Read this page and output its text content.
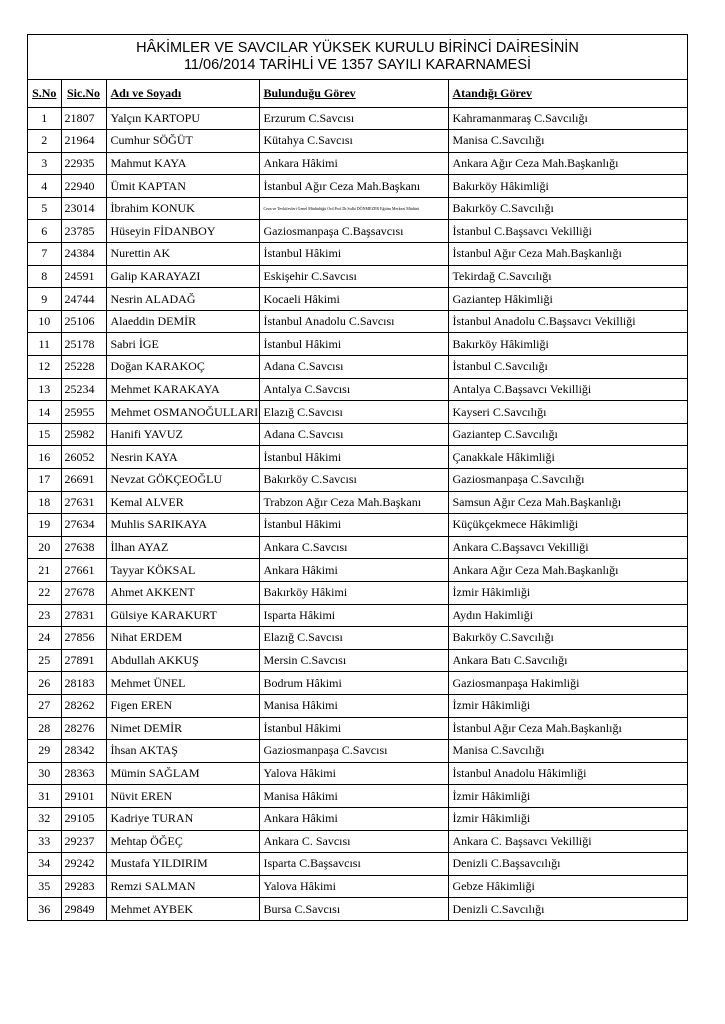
HÂKİMLER VE SAVCILAR YÜKSEK KURULU BİRİNCİ DAİRESİNİN
11/06/2014 TARİHLİ VE 1357 SAYILI KARARNAMESİ
S.No	Sic.No	Adı ve Soyadı	Bulunduğu Görev	Atandığı Görev
1	21807	Yalçın KARTOPU	Erzurum C.Savcısı	Kahramanmaraş C.Savcılığı
2	21964	Cumhur SÖĞÜT	Kütahya C.Savcısı	Manisa C.Savcılığı
3	22935	Mahmut KAYA	Ankara Hâkimi	Ankara Ağır Ceza Mah.Başkanlığı
4	22940	Ümit KAPTAN	İstanbul Ağır Ceza Mah.Başkanı	Bakırköy Hâkimliği
5	23014	İbrahim KONUK	Ceza ve Tevkifevleri Genel Müdürlüğü Ord.Prof.Dr.Sulhi DÖNMEZER Eğitim Merkezi Müdürü	Bakırköy C.Savcılığı
6	23785	Hüseyin FİDANBOY	Gaziosmanpaşa C.Başsavcısı	İstanbul C.Başsavcı Vekilliği
7	24384	Nurettin AK	İstanbul Hâkimi	İstanbul Ağır Ceza Mah.Başkanlığı
8	24591	Galip KARAYAZI	Eskişehir C.Savcısı	Tekirdağ C.Savcılığı
9	24744	Nesrin ALADAĞ	Kocaeli Hâkimi	Gaziantep Hâkimliği
10	25106	Alaeddin DEMİR	İstanbul Anadolu C.Savcısı	İstanbul Anadolu C.Başsavcı Vekilliği
11	25178	Sabri İGE	İstanbul Hâkimi	Bakırköy Hâkimliği
12	25228	Doğan KARAKOÇ	Adana C.Savcısı	İstanbul C.Savcılığı
13	25234	Mehmet KARAKAYA	Antalya C.Savcısı	Antalya C.Başsavcı Vekilliği
14	25955	Mehmet OSMANOĞULLARI	Elazığ C.Savcısı	Kayseri C.Savcılığı
15	25982	Hanifi YAVUZ	Adana C.Savcısı	Gaziantep C.Savcılığı
16	26052	Nesrin KAYA	İstanbul Hâkimi	Çanakkale Hâkimliği
17	26691	Nevzat GÖKÇEOĞLU	Bakırköy C.Savcısı	Gaziosmanpaşa C.Savcılığı
18	27631	Kemal ALVER	Trabzon Ağır Ceza Mah.Başkanı	Samsun Ağır Ceza Mah.Başkanlığı
19	27634	Muhlis SARIKAYA	İstanbul Hâkimi	Küçükçekmece Hâkimliği
20	27638	İlhan AYAZ	Ankara C.Savcısı	Ankara C.Başsavcı Vekilliği
21	27661	Tayyar KÖKSAL	Ankara Hâkimi	Ankara Ağır Ceza Mah.Başkanlığı
22	27678	Ahmet AKKENT	Bakırköy Hâkimi	İzmir Hâkimliği
23	27831	Gülsiye KARAKURT	Isparta Hâkimi	Aydın Hakimliği
24	27856	Nihat ERDEM	Elazığ C.Savcısı	Bakırköy C.Savcılığı
25	27891	Abdullah AKKUŞ	Mersin C.Savcısı	Ankara Batı C.Savcılığı
26	28183	Mehmet ÜNEL	Bodrum Hâkimi	Gaziosmanpaşa Hakimliği
27	28262	Figen EREN	Manisa Hâkimi	İzmir Hâkimliği
28	28276	Nimet DEMİR	İstanbul Hâkimi	İstanbul Ağır Ceza Mah.Başkanlığı
29	28342	İhsan AKTAŞ	Gaziosmanpaşa C.Savcısı	Manisa C.Savcılığı
30	28363	Mümin SAĞLAM	Yalova Hâkimi	İstanbul Anadolu Hâkimliği
31	29101	Nüvit EREN	Manisa Hâkimi	İzmir Hâkimliği
32	29105	Kadriye TURAN	Ankara Hâkimi	İzmir Hâkimliği
33	29237	Mehtap ÖĞEÇ	Ankara C. Savcısı	Ankara C. Başsavcı Vekilliği
34	29242	Mustafa YILDIRIM	Isparta C.Başsavcısı	Denizli C.Başsavcılığı
35	29283	Remzi SALMAN	Yalova Hâkimi	Gebze Hâkimliği
36	29849	Mehmet AYBEK	Bursa C.Savcısı	Denizli C.Savcılığı
